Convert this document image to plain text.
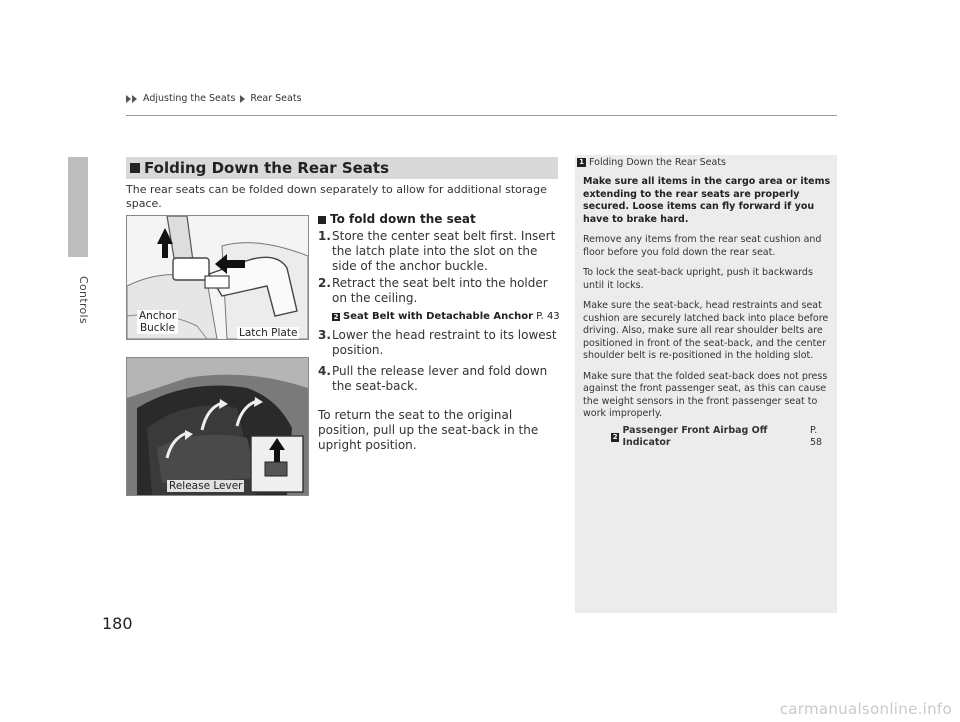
Adjusting the Seats Rear Seats
Controls
180
Folding Down the Rear Seats
The rear seats can be folded down separately to allow for additional storage space.
Anchor
Buckle	Latch Plate
Release Lever
To fold down the seat
1. Store the center seat belt first. Insert the latch plate into the slot on the side of the anchor buckle.
2. Retract the seat belt into the holder on the ceiling.
2 Seat Belt with Detachable Anchor P. 43
3. Lower the head restraint to its lowest position.
4. Pull the release lever and fold down the seat-back.
To return the seat to the original position, pull up the seat-back in the upright position.
1 Folding Down the Rear Seats

Make sure all items in the cargo area or items extending to the rear seats are properly secured. Loose items can fly forward if you have to brake hard.

Remove any items from the rear seat cushion and floor before you fold down the rear seat.

To lock the seat-back upright, push it backwards until it locks.

Make sure the seat-back, head restraints and seat cushion are securely latched back into place before driving. Also, make sure all rear shoulder belts are positioned in front of the seat-back, and the center shoulder belt is re-positioned in the holding slot.

Make sure that the folded seat-back does not press against the front passenger seat, as this can cause the weight sensors in the front passenger seat to work improperly.

2
Passenger Front Airbag Off Indicator
P. 58
carmanualsonline.info
